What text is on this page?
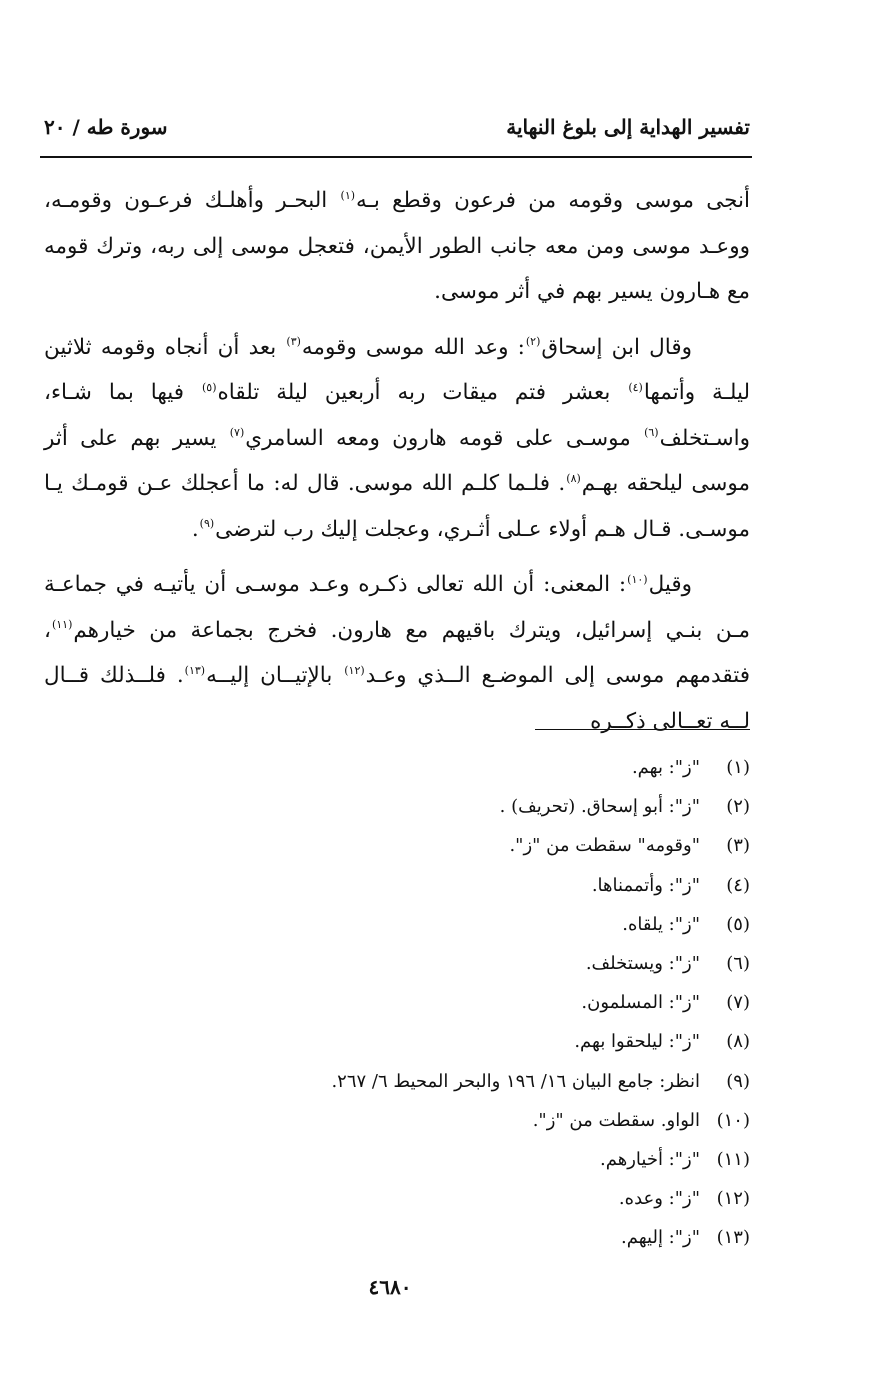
تفسير الهداية إلى بلوغ النهاية
سورة طه / ٢٠

أنجى موسى وقومه من فرعون وقطع بـه$^{(١)}$ البحـر وأهلـك فرعـون وقومـه، ووعـد موسى ومن معه جانب الطور الأيمن، فتعجل موسى إلى ربه، وترك قومه مع هـارون يسير بهم في أثر موسى.

وقال ابن إسحاق$^{(٢)}$: وعد الله موسى وقومه$^{(٣)}$ بعد أن أنجاه وقومه ثلاثين ليلـة وأتمها$^{(٤)}$ بعشر فتم ميقات ربه أربعين ليلة تلقاه$^{(٥)}$ فيها بما شـاء، واسـتخلف$^{(٦)}$ موسـى على قومه هارون ومعه السامري$^{(٧)}$ يسير بهم على أثر موسى ليلحقه بهـم$^{(٨)}$. فلـما كلـم الله موسى. قال له: ما أعجلك عـن قومـك يـا موسـى. قـال هـم أولاء عـلى أثـري، وعجلت إليك رب لترضى$^{(٩)}$.

وقيل$^{(١٠)}$: المعنى: أن الله تعالى ذكـره وعـد موسـى أن يأتيـه في جماعـة مـن بنـي إسرائيل، ويترك باقيهم مع هارون. فخرج بجماعة من خيارهم$^{(١١)}$، فتقدمهم موسى إلى الموضـع الــذي وعـد$^{(١٢)}$ بالإتيــان إليــه$^{(١٣)}$. فلــذلك قــال لــه تعــالى ذكــره

(١)"ز": بهم.
(٢)"ز": أبو إسحاق. (تحريف) .
(٣)"وقومه" سقطت من "ز".
(٤)"ز": وأتممناها.
(٥)"ز": يلقاه.
(٦)"ز": ويستخلف.
(٧)"ز": المسلمون.
(٨)"ز": ليلحقوا بهم.
(٩)انظر: جامع البيان ١٦/ ١٩٦ والبحر المحيط ٦/ ٢٦٧.
(١٠)الواو. سقطت من "ز".
(١١)"ز": أخيارهم.
(١٢)"ز": وعده.
(١٣)"ز": إليهم.
٤٦٨٠
